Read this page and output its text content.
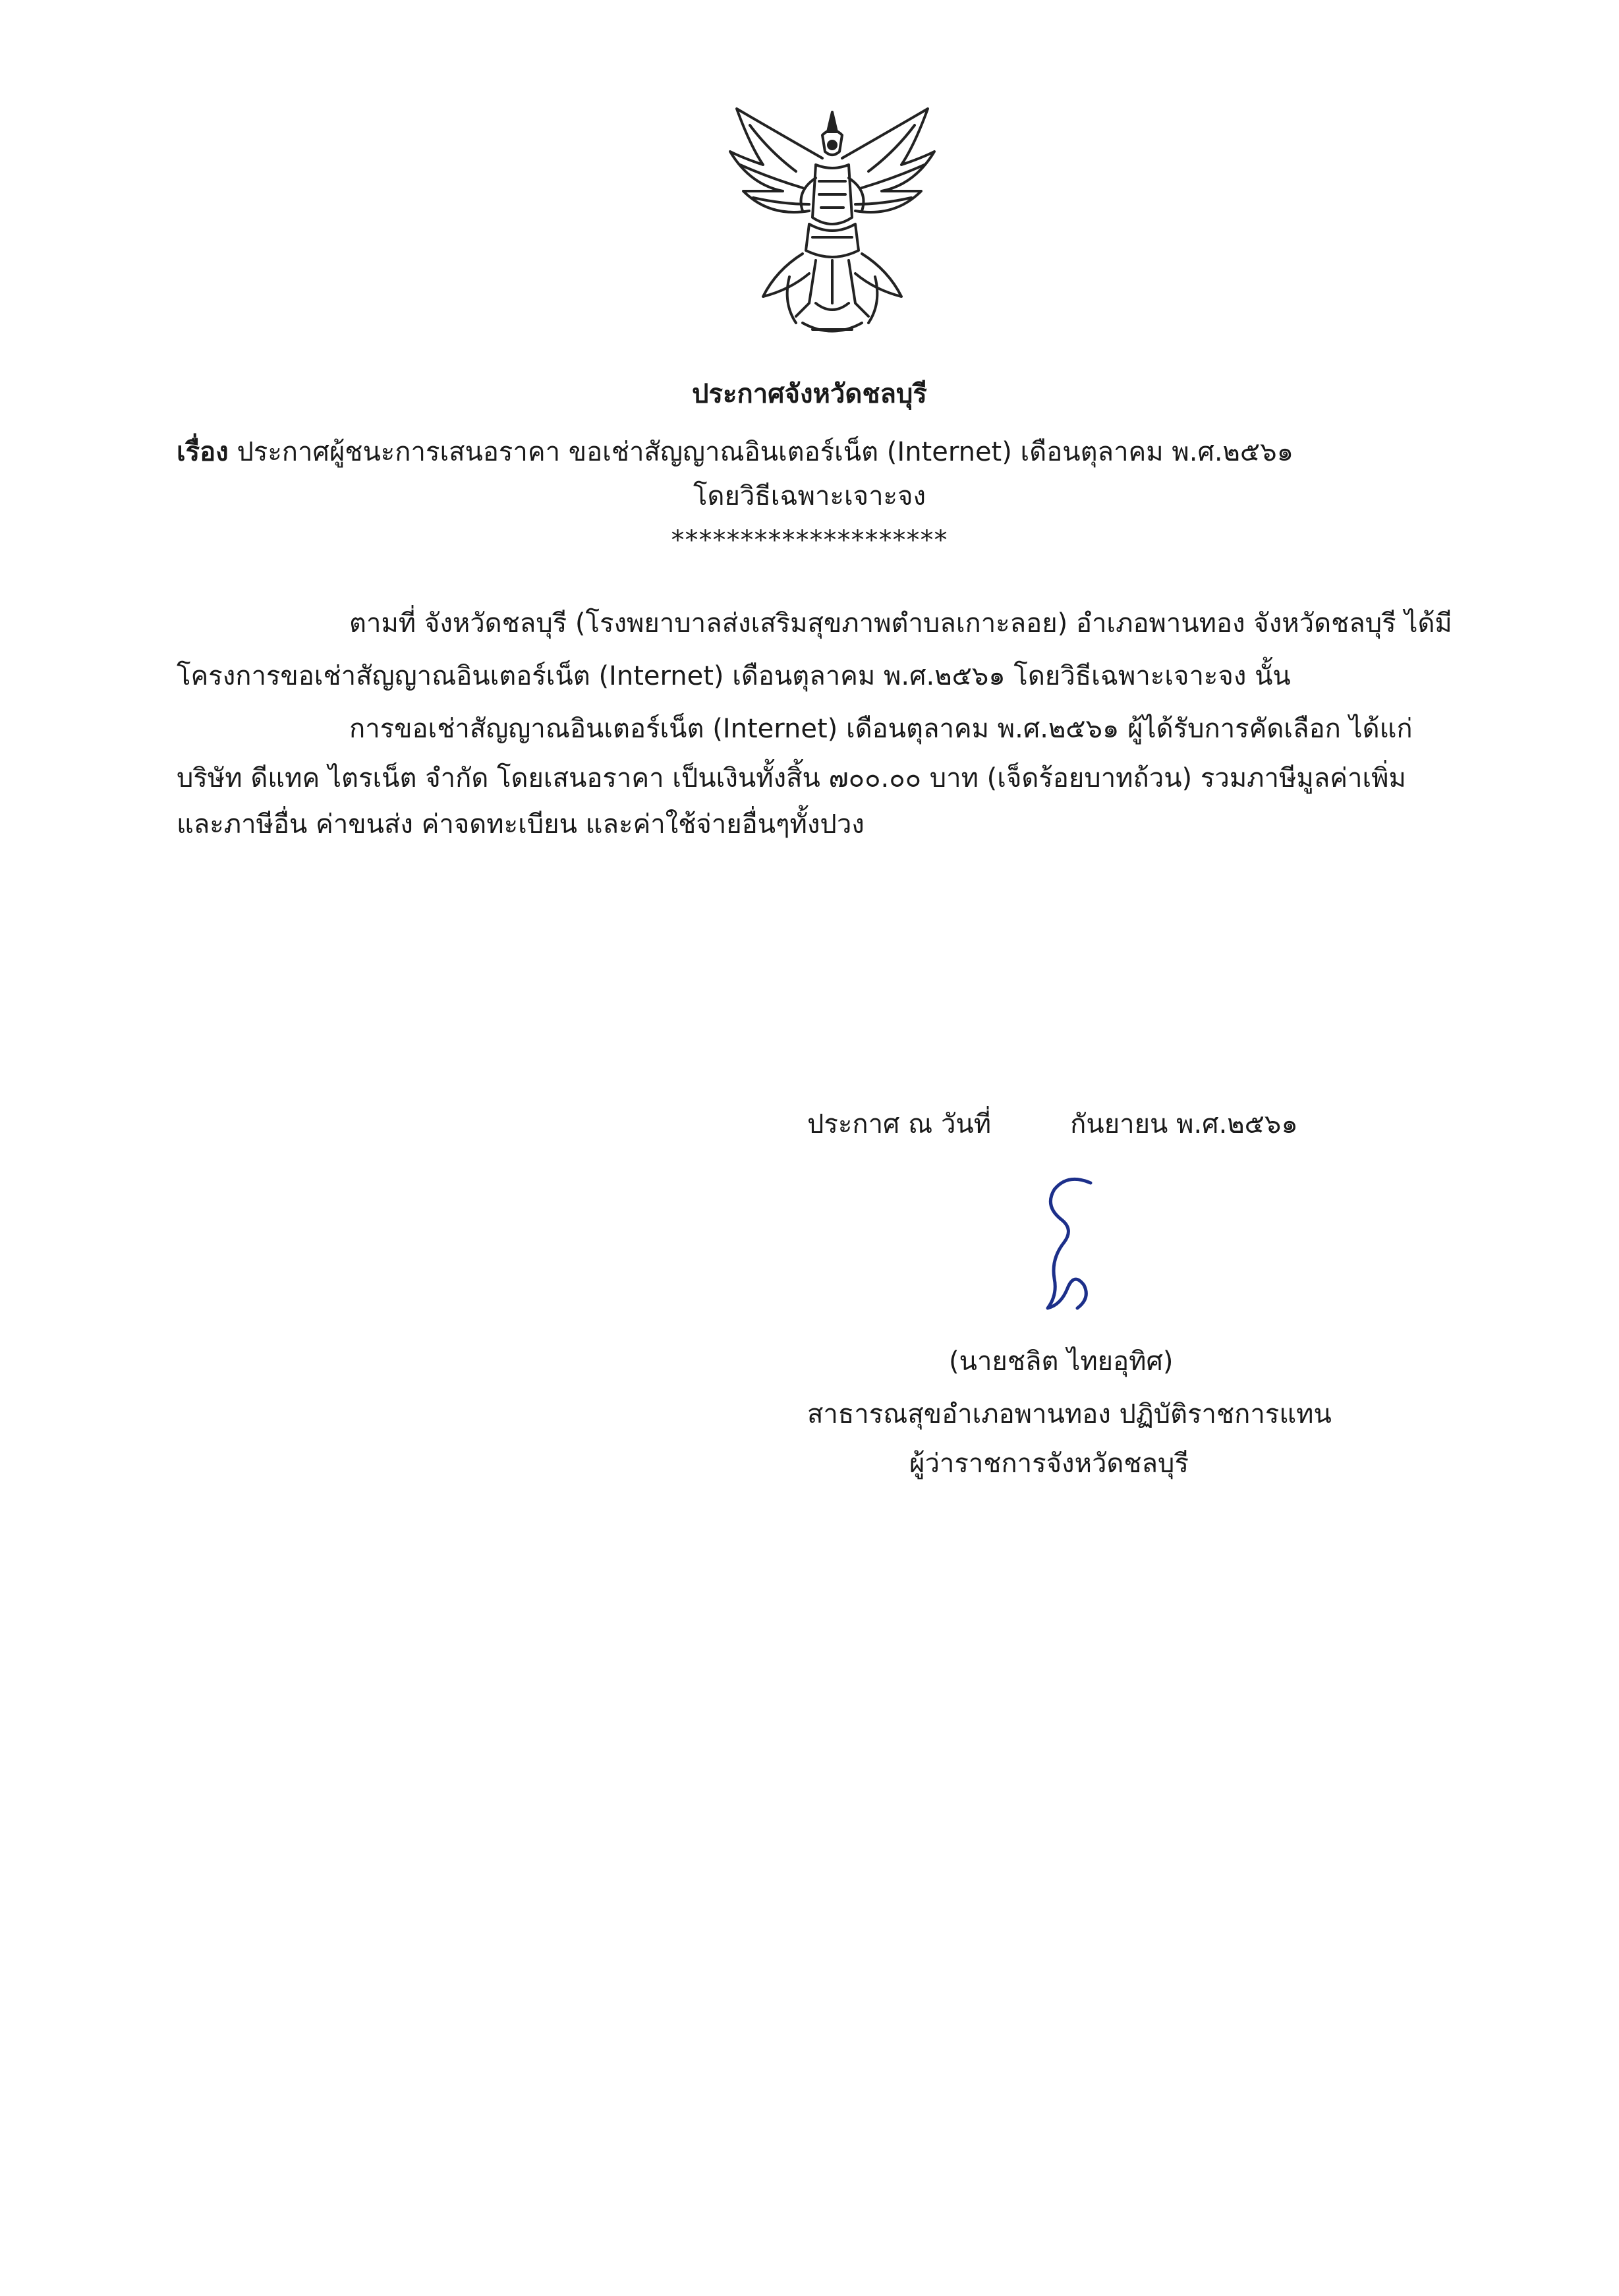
ประกาศจังหวัดชลบุรี
เรื่อง ประกาศผู้ชนะการเสนอราคา ขอเช่าสัญญาณอินเตอร์เน็ต (Internet) เดือนตุลาคม พ.ศ.๒๕๖๑
โดยวิธีเฉพาะเจาะจง
********************
ตามที่ จังหวัดชลบุรี (โรงพยาบาลส่งเสริมสุขภาพตำบลเกาะลอย) อำเภอพานทอง จังหวัดชลบุรี ได้มี
โครงการขอเช่าสัญญาณอินเตอร์เน็ต (Internet) เดือนตุลาคม พ.ศ.๒๕๖๑ โดยวิธีเฉพาะเจาะจง นั้น
การขอเช่าสัญญาณอินเตอร์เน็ต (Internet) เดือนตุลาคม พ.ศ.๒๕๖๑ ผู้ได้รับการคัดเลือก ได้แก่
บริษัท ดีแทค ไตรเน็ต จำกัด โดยเสนอราคา เป็นเงินทั้งสิ้น ๗๐๐.๐๐ บาท (เจ็ดร้อยบาทถ้วน) รวมภาษีมูลค่าเพิ่ม
และภาษีอื่น ค่าขนส่ง ค่าจดทะเบียน และค่าใช้จ่ายอื่นๆทั้งปวง
ประกาศ ณ วันที่	กันยายน พ.ศ.๒๕๖๑
(นายชลิต ไทยอุทิศ)
สาธารณสุขอำเภอพานทอง ปฏิบัติราชการแทน
ผู้ว่าราชการจังหวัดชลบุรี
